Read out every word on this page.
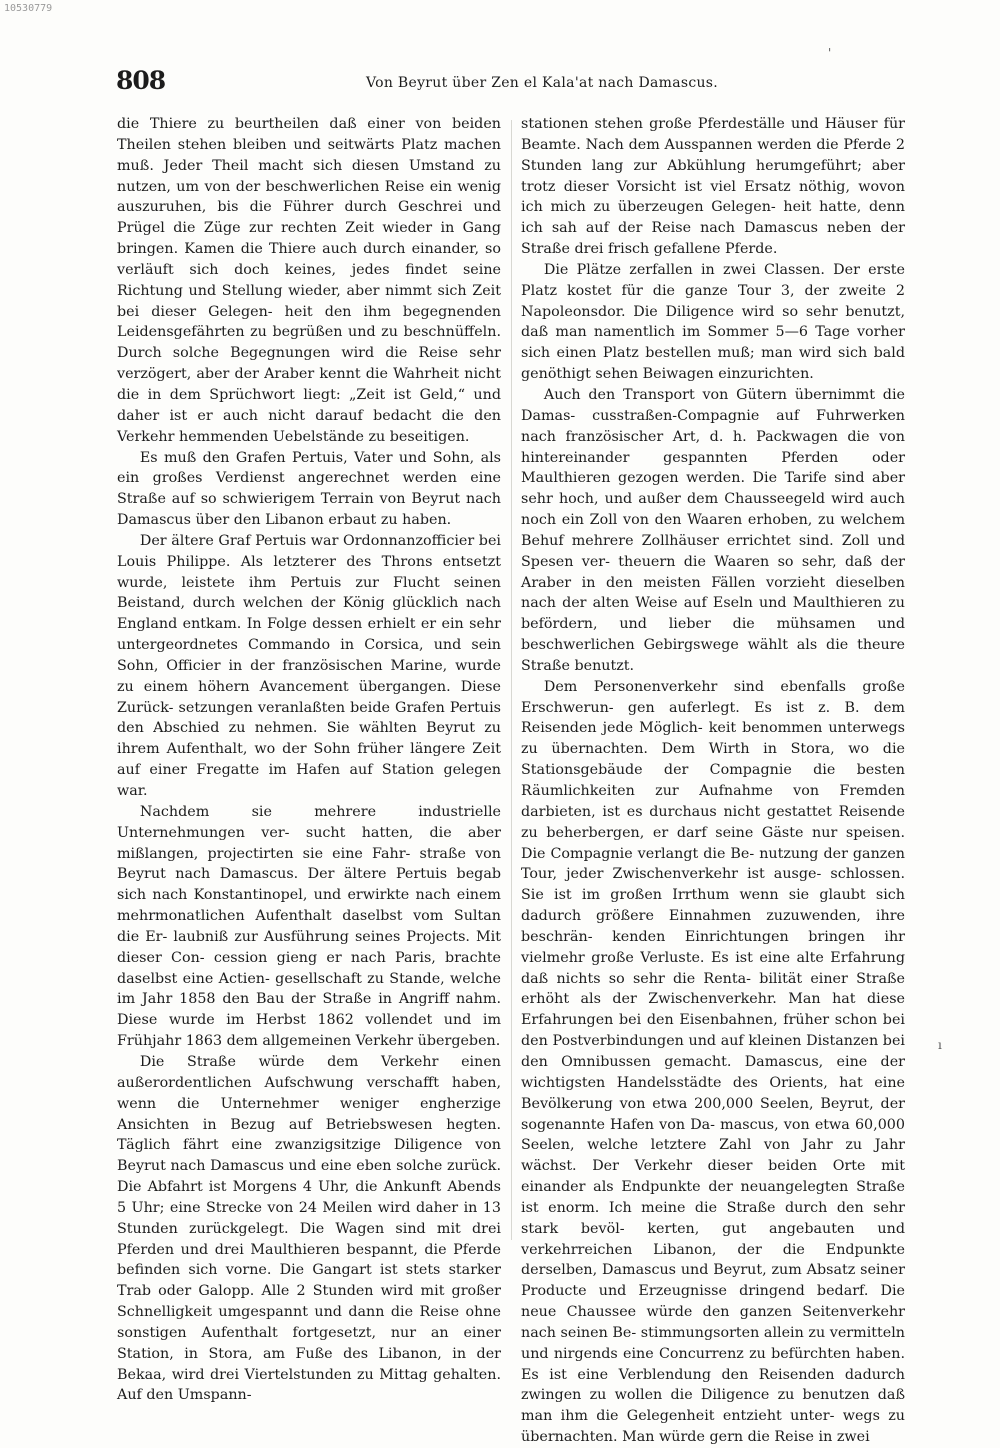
10530779
808	Von Beyrut über Zen el Kala'at nach Damascus.
'
ı

die Thiere zu beurtheilen daß einer von beiden Theilen stehen bleiben und seitwärts Platz machen muß. Jeder Theil macht sich diesen Umstand zu nutzen, um von der beschwerlichen Reise ein wenig auszuruhen, bis die Führer durch Geschrei und Prügel die Züge zur rechten Zeit wieder in Gang bringen. Kamen die Thiere auch durch einander, so verläuft sich doch keines, jedes findet seine Richtung und Stellung wieder, aber nimmt sich Zeit bei dieser Gelegen- heit den ihm begegnenden Leidensgefährten zu begrüßen und zu beschnüffeln. Durch solche Begegnungen wird die Reise sehr verzögert, aber der Araber kennt die Wahrheit nicht die in dem Sprüchwort liegt: „Zeit ist Geld,“ und daher ist er auch nicht darauf bedacht die den Verkehr hemmenden Uebelstände zu beseitigen.

Es muß den Grafen Pertuis, Vater und Sohn, als ein großes Verdienst angerechnet werden eine Straße auf so schwierigem Terrain von Beyrut nach Damascus über den Libanon erbaut zu haben.

Der ältere Graf Pertuis war Ordonnanzofficier bei Louis Philippe. Als letzterer des Throns entsetzt wurde, leistete ihm Pertuis zur Flucht seinen Beistand, durch welchen der König glücklich nach England entkam. In Folge dessen erhielt er ein sehr untergeordnetes Commando in Corsica, und sein Sohn, Officier in der französischen Marine, wurde zu einem höhern Avancement übergangen. Diese Zurück- setzungen veranlaßten beide Grafen Pertuis den Abschied zu nehmen. Sie wählten Beyrut zu ihrem Aufenthalt, wo der Sohn früher längere Zeit auf einer Fregatte im Hafen auf Station gelegen war.

Nachdem sie mehrere industrielle Unternehmungen ver- sucht hatten, die aber mißlangen, projectirten sie eine Fahr- straße von Beyrut nach Damascus. Der ältere Pertuis begab sich nach Konstantinopel, und erwirkte nach einem mehrmonatlichen Aufenthalt daselbst vom Sultan die Er- laubniß zur Ausführung seines Projects. Mit dieser Con- cession gieng er nach Paris, brachte daselbst eine Actien- gesellschaft zu Stande, welche im Jahr 1858 den Bau der Straße in Angriff nahm. Diese wurde im Herbst 1862 vollendet und im Frühjahr 1863 dem allgemeinen Verkehr übergeben.

Die Straße würde dem Verkehr einen außerordentlichen Aufschwung verschafft haben, wenn die Unternehmer weniger engherzige Ansichten in Bezug auf Betriebswesen hegten. Täglich fährt eine zwanzigsitzige Diligence von Beyrut nach Damascus und eine eben solche zurück. Die Abfahrt ist Morgens 4 Uhr, die Ankunft Abends 5 Uhr; eine Strecke von 24 Meilen wird daher in 13 Stunden zurückgelegt. Die Wagen sind mit drei Pferden und drei Maulthieren bespannt, die Pferde befinden sich vorne. Die Gangart ist stets starker Trab oder Galopp. Alle 2 Stunden wird mit großer Schnelligkeit umgespannt und dann die Reise ohne sonstigen Aufenthalt fortgesetzt, nur an einer Station, in Stora, am Fuße des Libanon, in der Bekaa, wird drei Viertelstunden zu Mittag gehalten. Auf den Umspann-

stationen stehen große Pferdeställe und Häuser für Beamte. Nach dem Ausspannen werden die Pferde 2 Stunden lang zur Abkühlung herumgeführt; aber trotz dieser Vorsicht ist viel Ersatz nöthig, wovon ich mich zu überzeugen Gelegen- heit hatte, denn ich sah auf der Reise nach Damascus neben der Straße drei frisch gefallene Pferde.

Die Plätze zerfallen in zwei Classen. Der erste Platz kostet für die ganze Tour 3, der zweite 2 Napoleonsdor. Die Diligence wird so sehr benutzt, daß man namentlich im Sommer 5—6 Tage vorher sich einen Platz bestellen muß; man wird sich bald genöthigt sehen Beiwagen einzurichten.

Auch den Transport von Gütern übernimmt die Damas- cusstraßen-Compagnie auf Fuhrwerken nach französischer Art, d. h. Packwagen die von hintereinander gespannten Pferden oder Maulthieren gezogen werden. Die Tarife sind aber sehr hoch, und außer dem Chausseegeld wird auch noch ein Zoll von den Waaren erhoben, zu welchem Behuf mehrere Zollhäuser errichtet sind. Zoll und Spesen ver- theuern die Waaren so sehr, daß der Araber in den meisten Fällen vorzieht dieselben nach der alten Weise auf Eseln und Maulthieren zu befördern, und lieber die mühsamen und beschwerlichen Gebirgswege wählt als die theure Straße benutzt.

Dem Personenverkehr sind ebenfalls große Erschwerun- gen auferlegt. Es ist z. B. dem Reisenden jede Möglich- keit benommen unterwegs zu übernachten. Dem Wirth in Stora, wo die Stationsgebäude der Compagnie die besten Räumlichkeiten zur Aufnahme von Fremden darbieten, ist es durchaus nicht gestattet Reisende zu beherbergen, er darf seine Gäste nur speisen. Die Compagnie verlangt die Be- nutzung der ganzen Tour, jeder Zwischenverkehr ist ausge- schlossen. Sie ist im großen Irrthum wenn sie glaubt sich dadurch größere Einnahmen zuzuwenden, ihre beschrän- kenden Einrichtungen bringen ihr vielmehr große Verluste. Es ist eine alte Erfahrung daß nichts so sehr die Renta- bilität einer Straße erhöht als der Zwischenverkehr. Man hat diese Erfahrungen bei den Eisenbahnen, früher schon bei den Postverbindungen und auf kleinen Distanzen bei den Omnibussen gemacht. Damascus, eine der wichtigsten Handelsstädte des Orients, hat eine Bevölkerung von etwa 200,000 Seelen, Beyrut, der sogenannte Hafen von Da- mascus, von etwa 60,000 Seelen, welche letztere Zahl von Jahr zu Jahr wächst. Der Verkehr dieser beiden Orte mit einander als Endpunkte der neuangelegten Straße ist enorm. Ich meine die Straße durch den sehr stark bevöl- kerten, gut angebauten und verkehrreichen Libanon, der die Endpunkte derselben, Damascus und Beyrut, zum Absatz seiner Producte und Erzeugnisse dringend bedarf. Die neue Chaussee würde den ganzen Seitenverkehr nach seinen Be- stimmungsorten allein zu vermitteln und nirgends eine Concurrenz zu befürchten haben. Es ist eine Verblendung den Reisenden dadurch zwingen zu wollen die Diligence zu benutzen daß man ihm die Gelegenheit entzieht unter- wegs zu übernachten. Man würde gern die Reise in zwei
